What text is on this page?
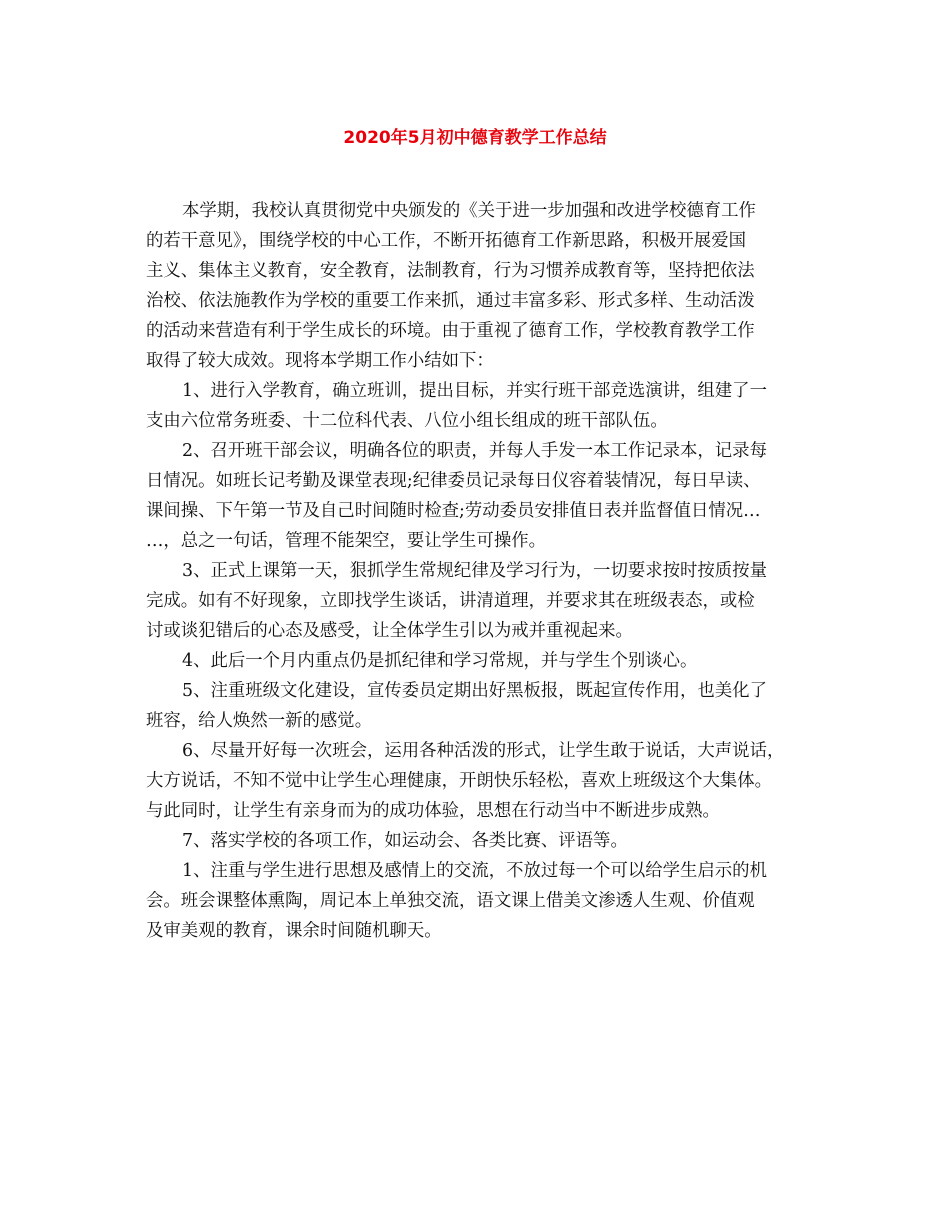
2020年5月初中德育教学工作总结

本学期，我校认真贯彻党中央颁发的《关于进一步加强和改进学校德育工作

的若干意见》，围绕学校的中心工作，不断开拓德育工作新思路，积极开展爱国

主义、集体主义教育，安全教育，法制教育，行为习惯养成教育等，坚持把依法

治校、依法施教作为学校的重要工作来抓，通过丰富多彩、形式多样、生动活泼

的活动来营造有利于学生成长的环境。由于重视了德育工作，学校教育教学工作

取得了较大成效。现将本学期工作小结如下：

1、进行入学教育，确立班训，提出目标，并实行班干部竞选演讲，组建了一

支由六位常务班委、十二位科代表、八位小组长组成的班干部队伍。

2、召开班干部会议，明确各位的职责，并每人手发一本工作记录本，记录每

日情况。如班长记考勤及课堂表现;纪律委员记录每日仪容着装情况，每日早读、

课间操、下午第一节及自己时间随时检查;劳动委员安排值日表并监督值日情况…

…，总之一句话，管理不能架空，要让学生可操作。

3、正式上课第一天，狠抓学生常规纪律及学习行为，一切要求按时按质按量

完成。如有不好现象，立即找学生谈话，讲清道理，并要求其在班级表态，或检

讨或谈犯错后的心态及感受，让全体学生引以为戒并重视起来。

4、此后一个月内重点仍是抓纪律和学习常规，并与学生个别谈心。

5、注重班级文化建设，宣传委员定期出好黑板报，既起宣传作用，也美化了

班容，给人焕然一新的感觉。

6、尽量开好每一次班会，运用各种活泼的形式，让学生敢于说话，大声说话，

大方说话，不知不觉中让学生心理健康，开朗快乐轻松，喜欢上班级这个大集体。

与此同时，让学生有亲身而为的成功体验，思想在行动当中不断进步成熟。

7、落实学校的各项工作，如运动会、各类比赛、评语等。

1、注重与学生进行思想及感情上的交流，不放过每一个可以给学生启示的机

会。班会课整体熏陶，周记本上单独交流，语文课上借美文渗透人生观、价值观

及审美观的教育，课余时间随机聊天。
